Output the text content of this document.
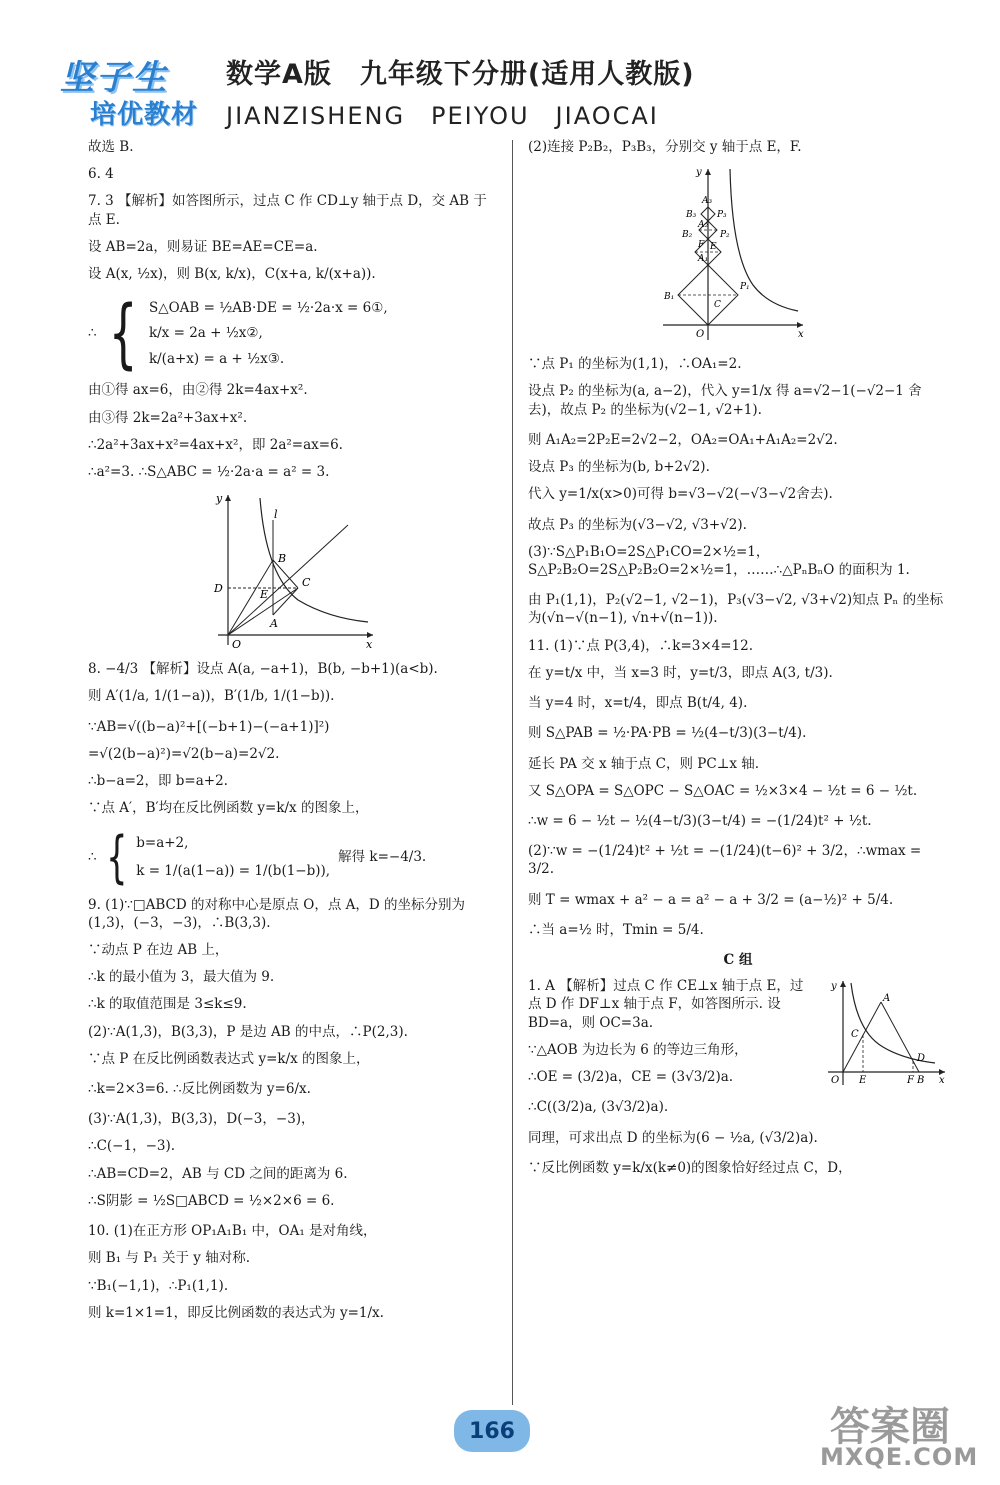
坚子生
培优教材
数学A版　九年级下分册(适用人教版)
JIANZISHENG　PEIYOU　JIAOCAI

故选 B.

6. 4

7. 3 【解析】如答图所示，过点 C 作 CD⊥y 轴于点 D，交 AB 于点 E.

设 AB=2a，则易证 BE=AE=CE=a.

设 A(x, ½x)，则 B(x, k/x)，C(x+a, k/(x+a)).

∴ { S△OAB = ½AB·DE = ½·2a·x = 6①,
k/x = 2a + ½x②,
k/(a+x) = a + ½x③.

由①得 ax=6，由②得 2k=4ax+x².

由③得 2k=2a²+3ax+x².

∴2a²+3ax+x²=4ax+x²，即 2a²=ax=6.

∴a²=3. ∴S△ABC = ½·2a·a = a² = 3.

l
B
D	E
C
A
O	x
y

8. −4/3 【解析】设点 A(a, −a+1)，B(b, −b+1)(a<b).

则 A′(1/a, 1/(1−a))，B′(1/b, 1/(1−b)).

∵AB=√((b−a)²+[(−b+1)−(−a+1)]²)

=√(2(b−a)²)=√2(b−a)=2√2.

∴b−a=2，即 b=a+2.

∵点 A′，B′均在反比例函数 y=k/x 的图象上，

∴ { b=a+2,
k = 1/(a(1−a)) = 1/(b(1−b)),
解得 k=−4/3.

9. (1)∵□ABCD 的对称中心是原点 O，点 A，D 的坐标分别为(1,3)，(−3，−3)，∴B(3,3).

∵动点 P 在边 AB 上，

∴k 的最小值为 3，最大值为 9.

∴k 的取值范围是 3≤k≤9.

(2)∵A(1,3)，B(3,3)，P 是边 AB 的中点，∴P(2,3).

∵点 P 在反比例函数表达式 y=k/x 的图象上，

∴k=2×3=6. ∴反比例函数为 y=6/x.

(3)∵A(1,3)，B(3,3)，D(−3，−3)，

∴C(−1，−3).

∴AB=CD=2，AB 与 CD 之间的距离为 6.

∴S阴影 = ½S□ABCD = ½×2×6 = 6.

10. (1)在正方形 OP₁A₁B₁ 中，OA₁ 是对角线，

则 B₁ 与 P₁ 关于 y 轴对称.

∵B₁(−1,1)，∴P₁(1,1).

则 k=1×1=1，即反比例函数的表达式为 y=1/x.

(2)连接 P₂B₂，P₃B₃，分别交 y 轴于点 E，F.

O	x
y
A₃
B₃ P₃
A₂
B₂	P₂
F
A₁
B₁
P₁
C
E

∵点 P₁ 的坐标为(1,1)，∴OA₁=2.

设点 P₂ 的坐标为(a, a−2)，代入 y=1/x 得 a=√2−1(−√2−1 舍去)，故点 P₂ 的坐标为(√2−1, √2+1).

则 A₁A₂=2P₂E=2√2−2，OA₂=OA₁+A₁A₂=2√2.

设点 P₃ 的坐标为(b, b+2√2).

代入 y=1/x(x>0)可得 b=√3−√2(−√3−√2舍去).

故点 P₃ 的坐标为(√3−√2, √3+√2).

(3)∵S△P₁B₁O=2S△P₁CO=2×½=1，S△P₂B₂O=2S△P₂B₂O=2×½=1，……∴△PₙBₙO 的面积为 1.

由 P₁(1,1)，P₂(√2−1, √2−1)，P₃(√3−√2, √3+√2)知点 Pₙ 的坐标为(√n−√(n−1), √n+√(n−1)).

11. (1)∵点 P(3,4)，∴k=3×4=12.

在 y=t/x 中，当 x=3 时，y=t/3，即点 A(3, t/3).

当 y=4 时，x=t/4，即点 B(t/4, 4).

则 S△PAB = ½·PA·PB = ½(4−t/3)(3−t/4).

延长 PA 交 x 轴于点 C，则 PC⊥x 轴.

又 S△OPA = S△OPC − S△OAC = ½×3×4 − ½t = 6 − ½t.

∴w = 6 − ½t − ½(4−t/3)(3−t/4) = −(1/24)t² + ½t.

(2)∵w = −(1/24)t² + ½t = −(1/24)(t−6)² + 3/2，∴wmax = 3/2.

则 T = wmax + a² − a = a² − a + 3/2 = (a−½)² + 5/4.

∴当 a=½ 时，Tmin = 5/4.

C 组
y
A
C
D
O E	F B x

1. A 【解析】过点 C 作 CE⊥x 轴于点 E，过点 D 作 DF⊥x 轴于点 F，如答图所示. 设 BD=a，则 OC=3a.

∵△AOB 为边长为 6 的等边三角形，

∴OE = (3/2)a，CE = (3√3/2)a.

∴C((3/2)a, (3√3/2)a).

同理，可求出点 D 的坐标为(6 − ½a, (√3/2)a).

∵反比例函数 y=k/x(k≠0)的图象恰好经过点 C，D，

166	答案圈
MXQE.COM
